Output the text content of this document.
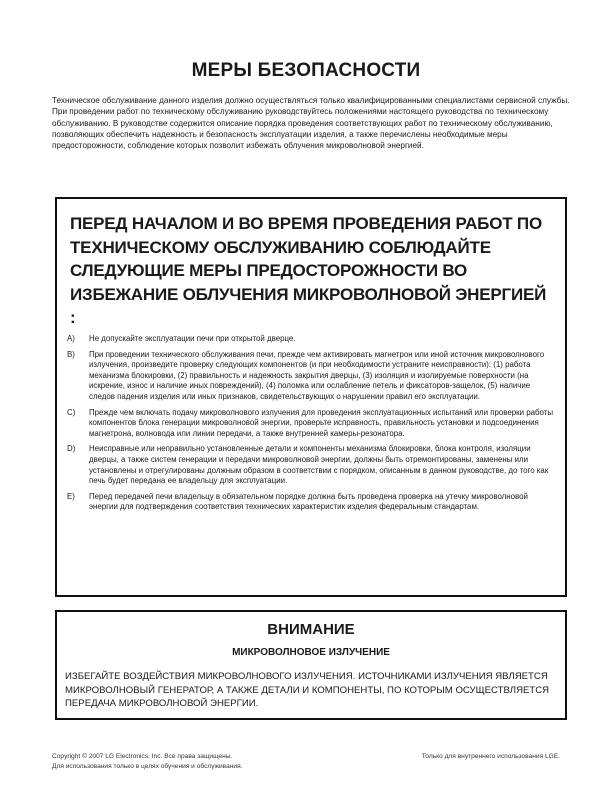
МЕРЫ БЕЗОПАСНОСТИ

Техническое обслуживание данного изделия должно осуществляться только квалифицированными специалистами сервисной службы.

При проведении работ по техническому обслуживанию руководствуйтесь положениями настоящего руководства по техническому обслуживанию. В руководстве содержится описание порядка проведения соответствующих работ по техническому обслуживанию, позволяющих обеспечить надежность и безопасность эксплуатации изделия, а также перечислены необходимые меры предосторожности, соблюдение которых позволит избежать облучения микроволновой энергией.

ПЕРЕД НАЧАЛОМ И ВО ВРЕМЯ ПРОВЕДЕНИЯ РАБОТ ПО ТЕХНИЧЕСКОМУ ОБСЛУЖИВАНИЮ СОБЛЮДАЙТЕ СЛЕДУЮЩИЕ МЕРЫ ПРЕДОСТОРОЖНОСТИ ВО ИЗБЕЖАНИЕ ОБЛУЧЕНИЯ МИКРОВОЛНОВОЙ ЭНЕРГИЕЙ :
A)	Не допускайте эксплуатации печи при открытой дверце.
B)	При проведении технического обслуживания печи, прежде чем активировать магнетрон или иной источник микроволнового излучения, произведите проверку следующих компонентов (и при необходимости устраните неисправности): (1) работа механизма блокировки, (2) правильность и надежность закрытия дверцы, (3) изоляция и изолируемые поверхности (на искрение, износ и наличие иных повреждений), (4) поломка или ослабление петель и фиксаторов-защелок, (5) наличие следов падения изделия или иных признаков, свидетельствующих о нарушении правил его эксплуатации.
C)	Прежде чем включать подачу микроволнового излучения для проведения эксплуатационных испытаний или проверки работы компонентов блока генерации микроволновой энергии, проверьте исправность, правильность установки и подсоединения магнетрона, волновода или линии передачи, а также внутренней камеры-резонатора.
D)	Неисправные или неправильно установленные детали и компоненты механизма блокировки, блока контроля, изоляции дверцы, а также систем генерации и передачи микроволновой энергии, должны быть отремонтированы, заменены или установлены и отрегулированы должным образом в соответствии с порядком, описанным в данном руководстве, до того как печь будет передана ее владельцу для эксплуатации.
E)	Перед передачей печи владельцу в обязательном порядке должна быть проведена проверка на утечку микроволновой энергии для подтверждения соответствия технических характеристик изделия федеральным стандартам.
ВНИМАНИЕ
МИКРОВОЛНОВОЕ ИЗЛУЧЕНИЕ
ИЗБЕГАЙТЕ ВОЗДЕЙСТВИЯ МИКРОВОЛНОВОГО ИЗЛУЧЕНИЯ. ИСТОЧНИКАМИ ИЗЛУЧЕНИЯ ЯВЛЯЕТСЯ МИКРОВОЛНОВЫЙ ГЕНЕРАТОР, А ТАКЖЕ ДЕТАЛИ И КОМПОНЕНТЫ, ПО КОТОРЫМ ОСУЩЕСТВЛЯЕТСЯ ПЕРЕДАЧА МИКРОВОЛНОВОЙ ЭНЕРГИИ.
Copyright © 2007 LG Electronics. Inc. Все права защищены.
Для использования только в целях обучения и обслуживания.
Только для внутреннего использования LGE.
